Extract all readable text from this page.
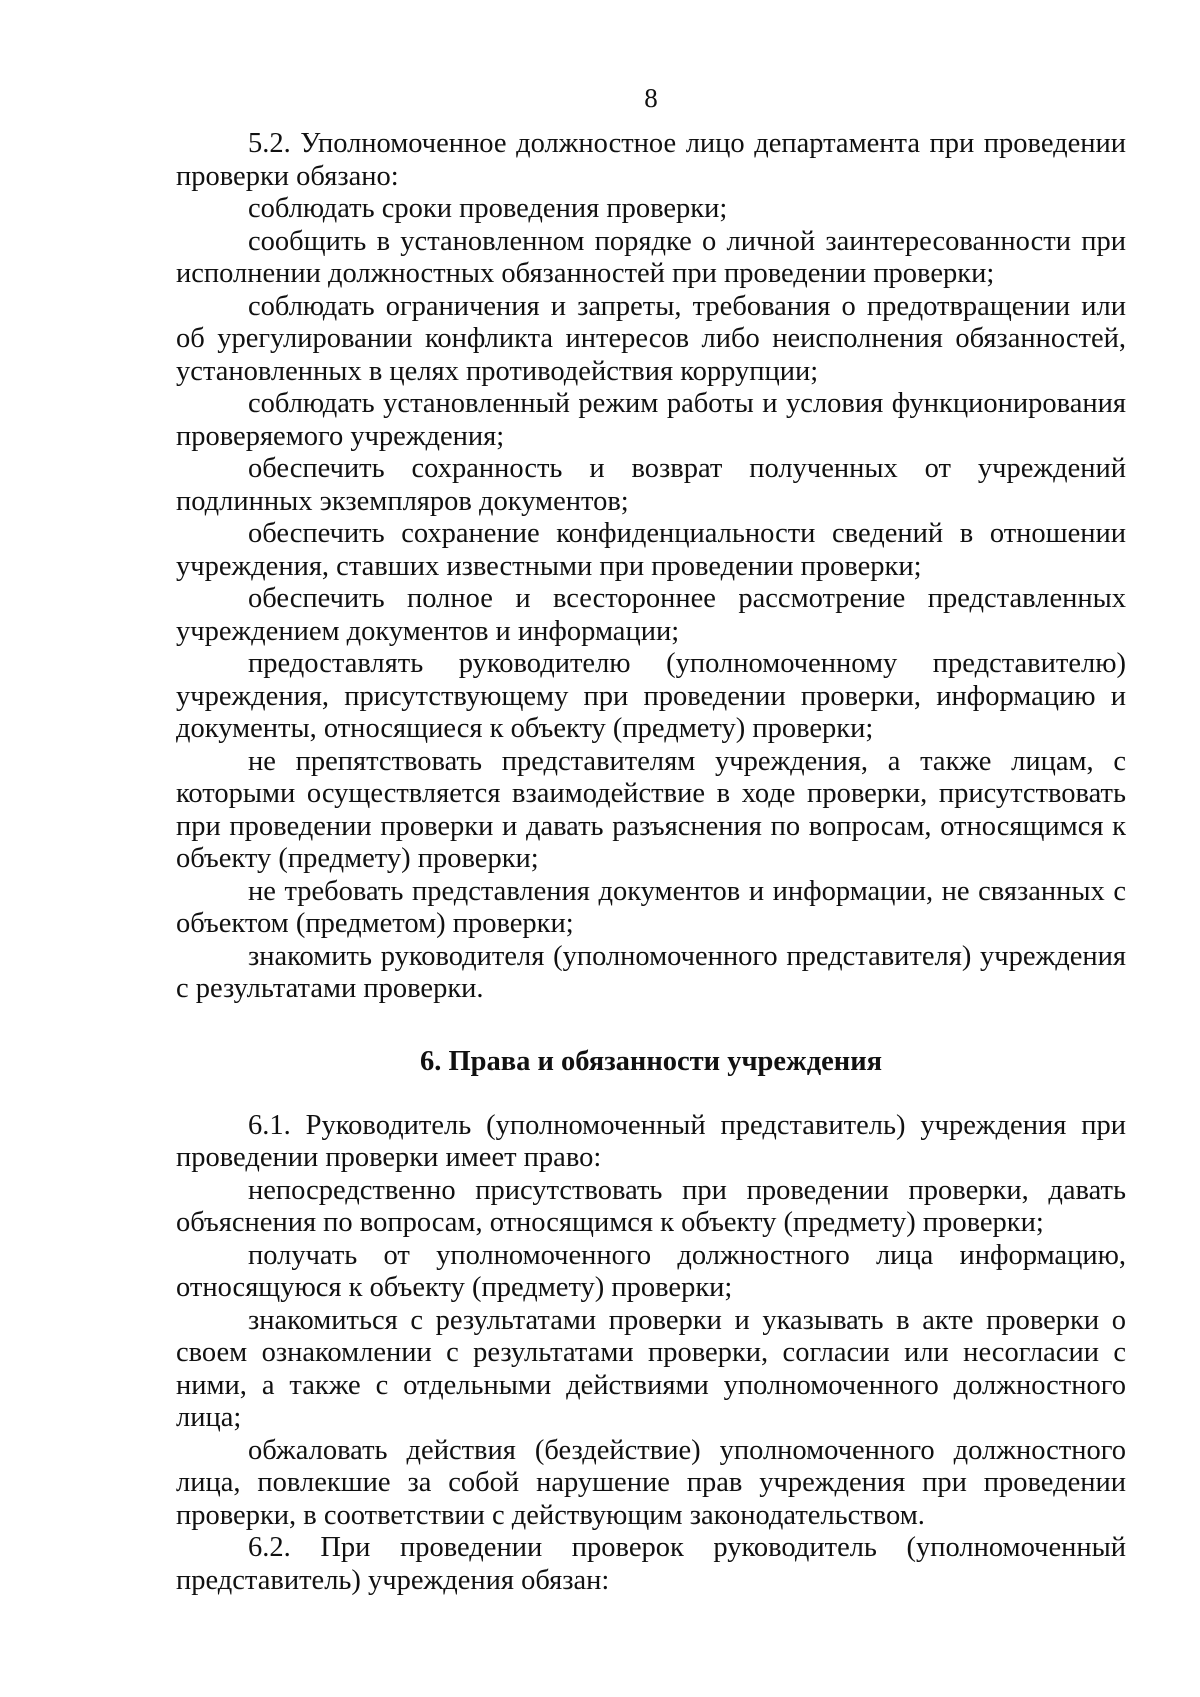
8

5.2. Уполномоченное должностное лицо департамента при проведении проверки обязано:

соблюдать сроки проведения проверки;

сообщить в установленном порядке о личной заинтересованности при исполнении должностных обязанностей при проведении проверки;

соблюдать ограничения и запреты, требования о предотвращении или об урегулировании конфликта интересов либо неисполнения обязанностей, установленных в целях противодействия коррупции;

соблюдать установленный режим работы и условия функционирования проверяемого учреждения;

обеспечить сохранность и возврат полученных от учреждений подлинных экземпляров документов;

обеспечить сохранение конфиденциальности сведений в отношении учреждения, ставших известными при проведении проверки;

обеспечить полное и всестороннее рассмотрение представленных учреждением документов и информации;

предоставлять руководителю (уполномоченному представителю) учреждения, присутствующему при проведении проверки, информацию и документы, относящиеся к объекту (предмету) проверки;

не препятствовать представителям учреждения, а также лицам, с которыми осуществляется взаимодействие в ходе проверки, присутствовать при проведении проверки и давать разъяснения по вопросам, относящимся к объекту (предмету) проверки;

не требовать представления документов и информации, не связанных с объектом (предметом) проверки;

знакомить руководителя (уполномоченного представителя) учреждения с результатами проверки.

6. Права и обязанности учреждения

6.1. Руководитель (уполномоченный представитель) учреждения при проведении проверки имеет право:

непосредственно присутствовать при проведении проверки, давать объяснения по вопросам, относящимся к объекту (предмету) проверки;

получать от уполномоченного должностного лица информацию, относящуюся к объекту (предмету) проверки;

знакомиться с результатами проверки и указывать в акте проверки о своем ознакомлении с результатами проверки, согласии или несогласии с ними, а также с отдельными действиями уполномоченного должностного лица;

обжаловать действия (бездействие) уполномоченного должностного лица, повлекшие за собой нарушение прав учреждения при проведении проверки, в соответствии с действующим законодательством.

6.2. При проведении проверок руководитель (уполномоченный представитель) учреждения обязан:
